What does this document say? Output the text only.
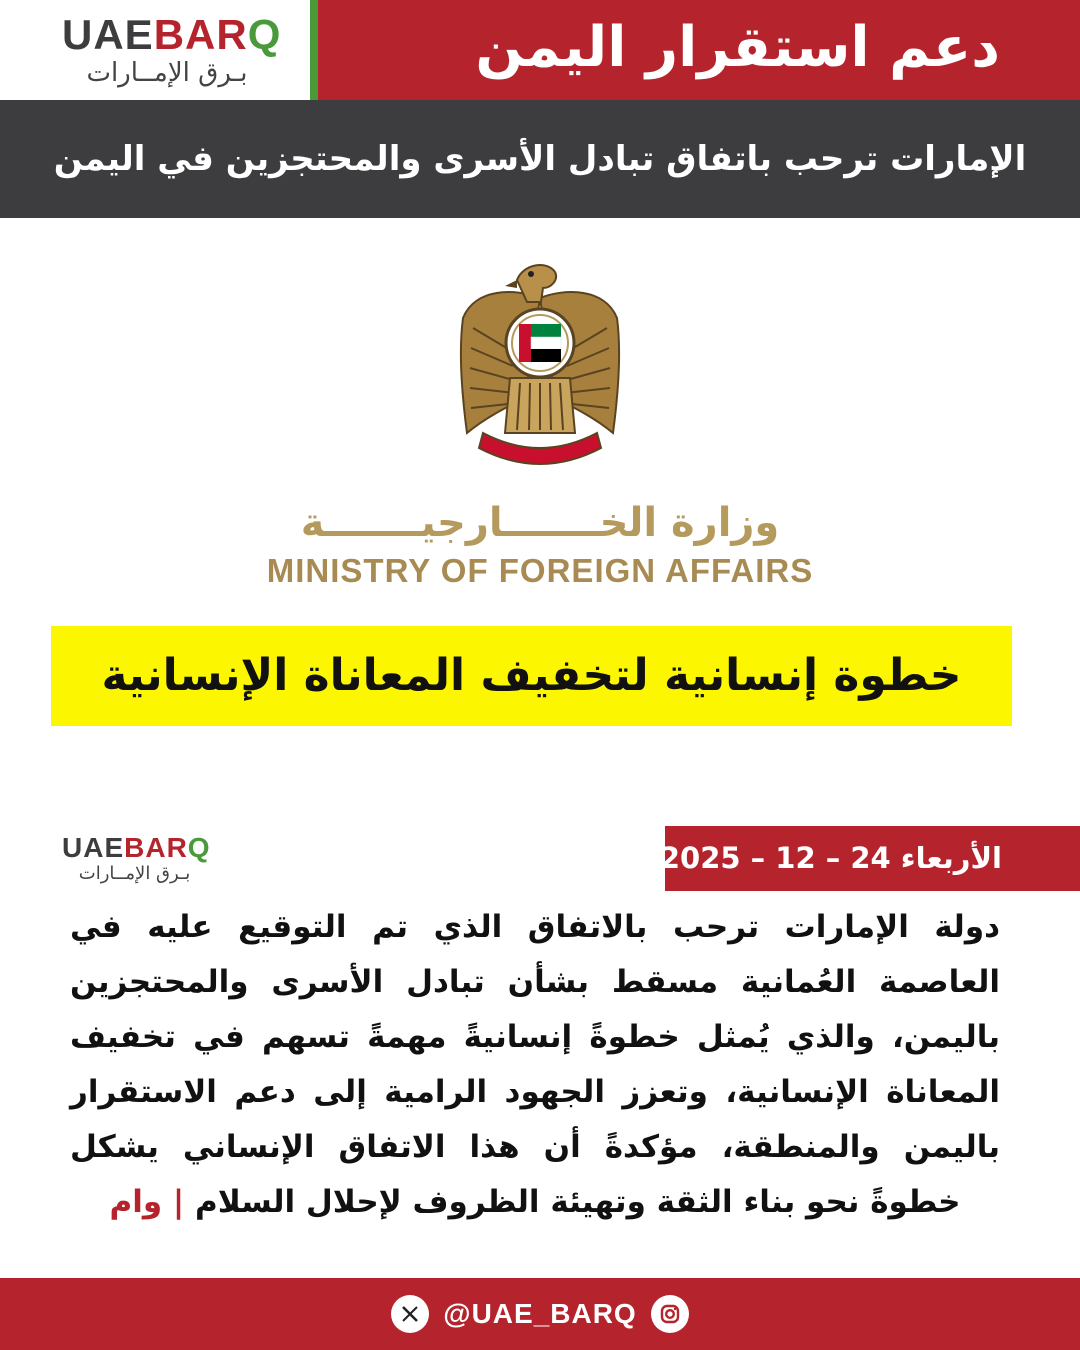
UAEBARQ
بـرق الإمــارات	دعم استقرار اليمن
الإمارات ترحب باتفاق تبادل الأسرى والمحتجزين في اليمن
وزارة الخـــــــارجيـــــــة
MINISTRY OF FOREIGN AFFAIRS
خطوة إنسانية لتخفيف المعاناة الإنسانية
UAEBARQ
بـرق الإمــارات	الأربعاء 24 – 12 – 2025
دولة الإمارات ترحب بالاتفاق الذي تم التوقيع عليه في العاصمة العُمانية مسقط بشأن تبادل الأسرى والمحتجزين باليمن، والذي يُمثل خطوةً إنسانيةً مهمةً تسهم في تخفيف المعاناة الإنسانية، وتعزز الجهود الرامية إلى دعم الاستقرار باليمن والمنطقة، مؤكدةً أن هذا الاتفاق الإنساني يشكل خطوةً نحو بناء الثقة وتهيئة الظروف لإحلال السلام | وام
@UAE_BARQ
